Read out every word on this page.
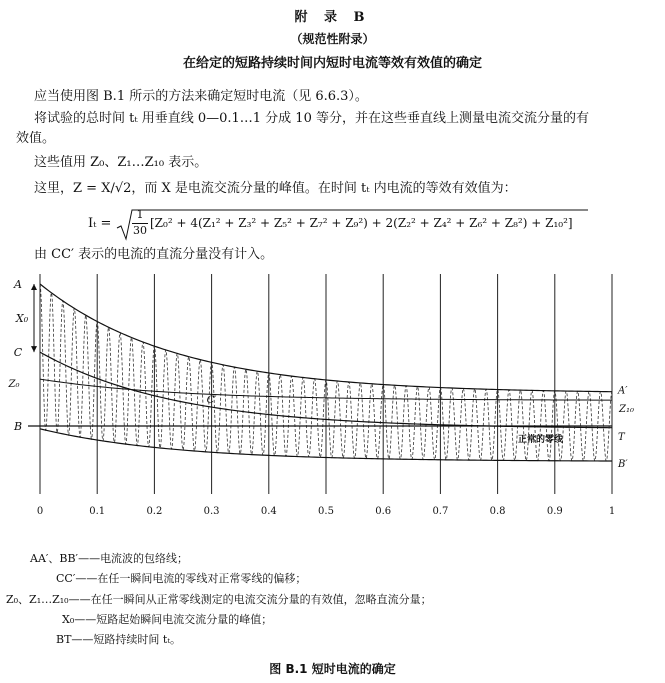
附 录 B
（规范性附录）
在给定的短路持续时间内短时电流等效有效值的确定
应当使用图 B.1 所示的方法来确定短时电流（见 6.6.3）。
将试验的总时间 tₜ 用垂直线 0—0.1…1 分成 10 等分，并在这些垂直线上测量电流交流分量的有
效值。
这些值用 Z₀、Z₁…Z₁₀ 表示。
这里，Z = X/√2，而 X 是电流交流分量的峰值。在时间 tₜ 内电流的等效有效值为：
Iₜ =
1
30
[Z₀² + 4(Z₁² + Z₃² + Z₅² + Z₇² + Z₉²) + 2(Z₂² + Z₄² + Z₆² + Z₈²) + Z₁₀²]
由 CC′ 表示的电流的直流分量没有计入。
0	0.1	0.2	0.3	0.4	0.5	0.6	0.7	0.8	0.9	1
A
X₀
C
Z₀
B
A′
Z₁₀
T
B′
C′
正常的零线
AA′、BB′——电流波的包络线；
CC′——在任一瞬间电流的零线对正常零线的偏移；
Z₀、Z₁…Z₁₀——在任一瞬间从正常零线测定的电流交流分量的有效值，忽略直流分量；
X₀——短路起始瞬间电流交流分量的峰值；
BT——短路持续时间 tₜ。
图 B.1 短时电流的确定
